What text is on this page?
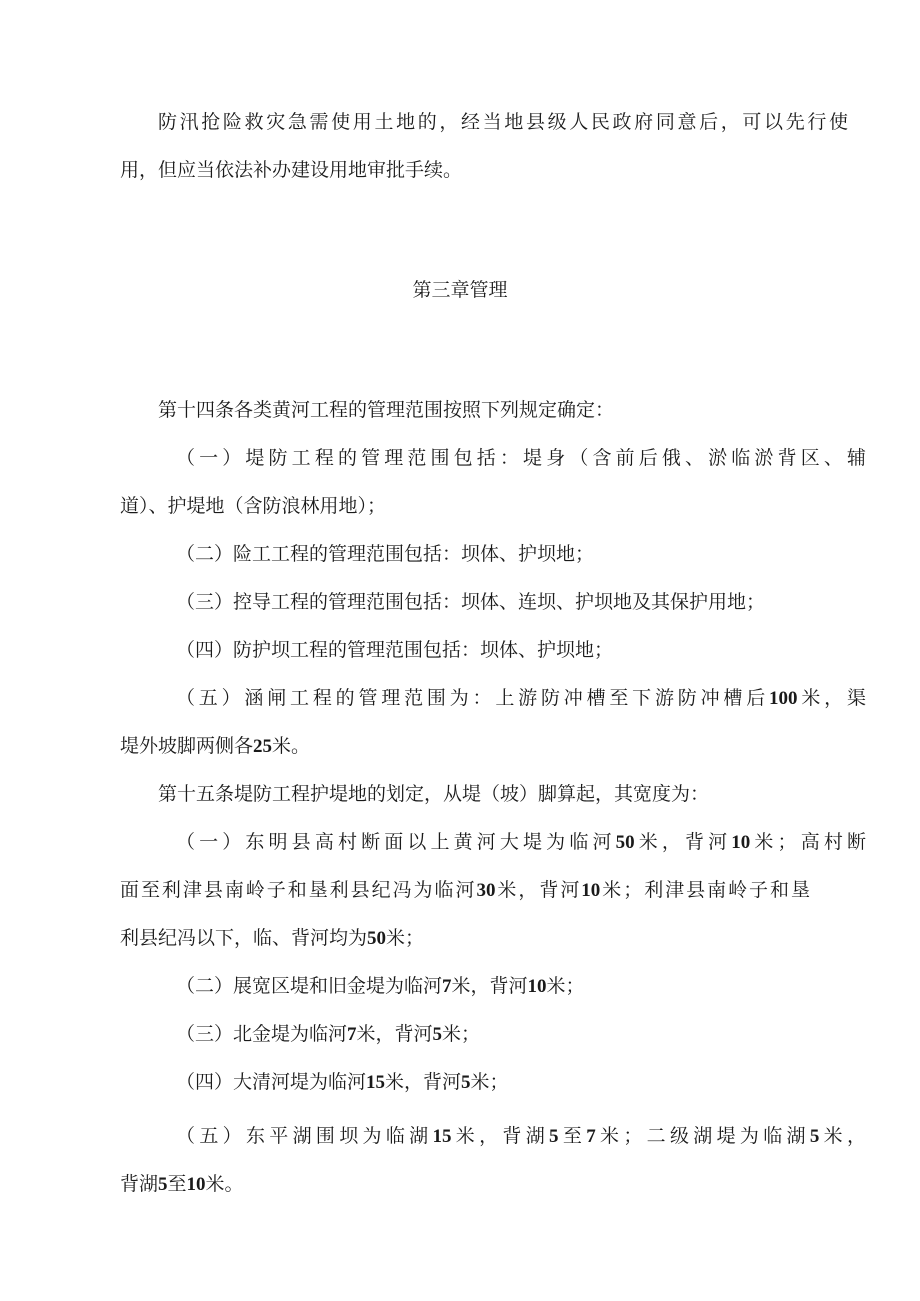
防汛抢险救灾急需使用土地的，经当地县级人民政府同意后，可以先行使
用，但应当依法补办建设用地审批手续。
第三章管理
第十四条各类黄河工程的管理范围按照下列规定确定：
（一）堤防工程的管理范围包括：堤身（含前后俄、淤临淤背区、辅
道）、护堤地（含防浪林用地）；
（二）险工工程的管理范围包括：坝体、护坝地；
（三）控导工程的管理范围包括：坝体、连坝、护坝地及其保护用地；
（四）防护坝工程的管理范围包括：坝体、护坝地；
（五）涵闸工程的管理范围为：上游防冲槽至下游防冲槽后100米，渠
堤外坡脚两侧各25米。
第十五条堤防工程护堤地的划定，从堤（坡）脚算起，其宽度为：
（一）东明县高村断面以上黄河大堤为临河50米，背河10米；高村断
面至利津县南岭子和垦利县纪冯为临河30米，背河10米；利津县南岭子和垦
利县纪冯以下，临、背河均为50米；
（二）展宽区堤和旧金堤为临河7米，背河10米；
（三）北金堤为临河7米，背河5米；
（四）大清河堤为临河15米，背河5米；
（五）东平湖围坝为临湖15米，背湖5至7米；二级湖堤为临湖5米，
背湖5至10米。
